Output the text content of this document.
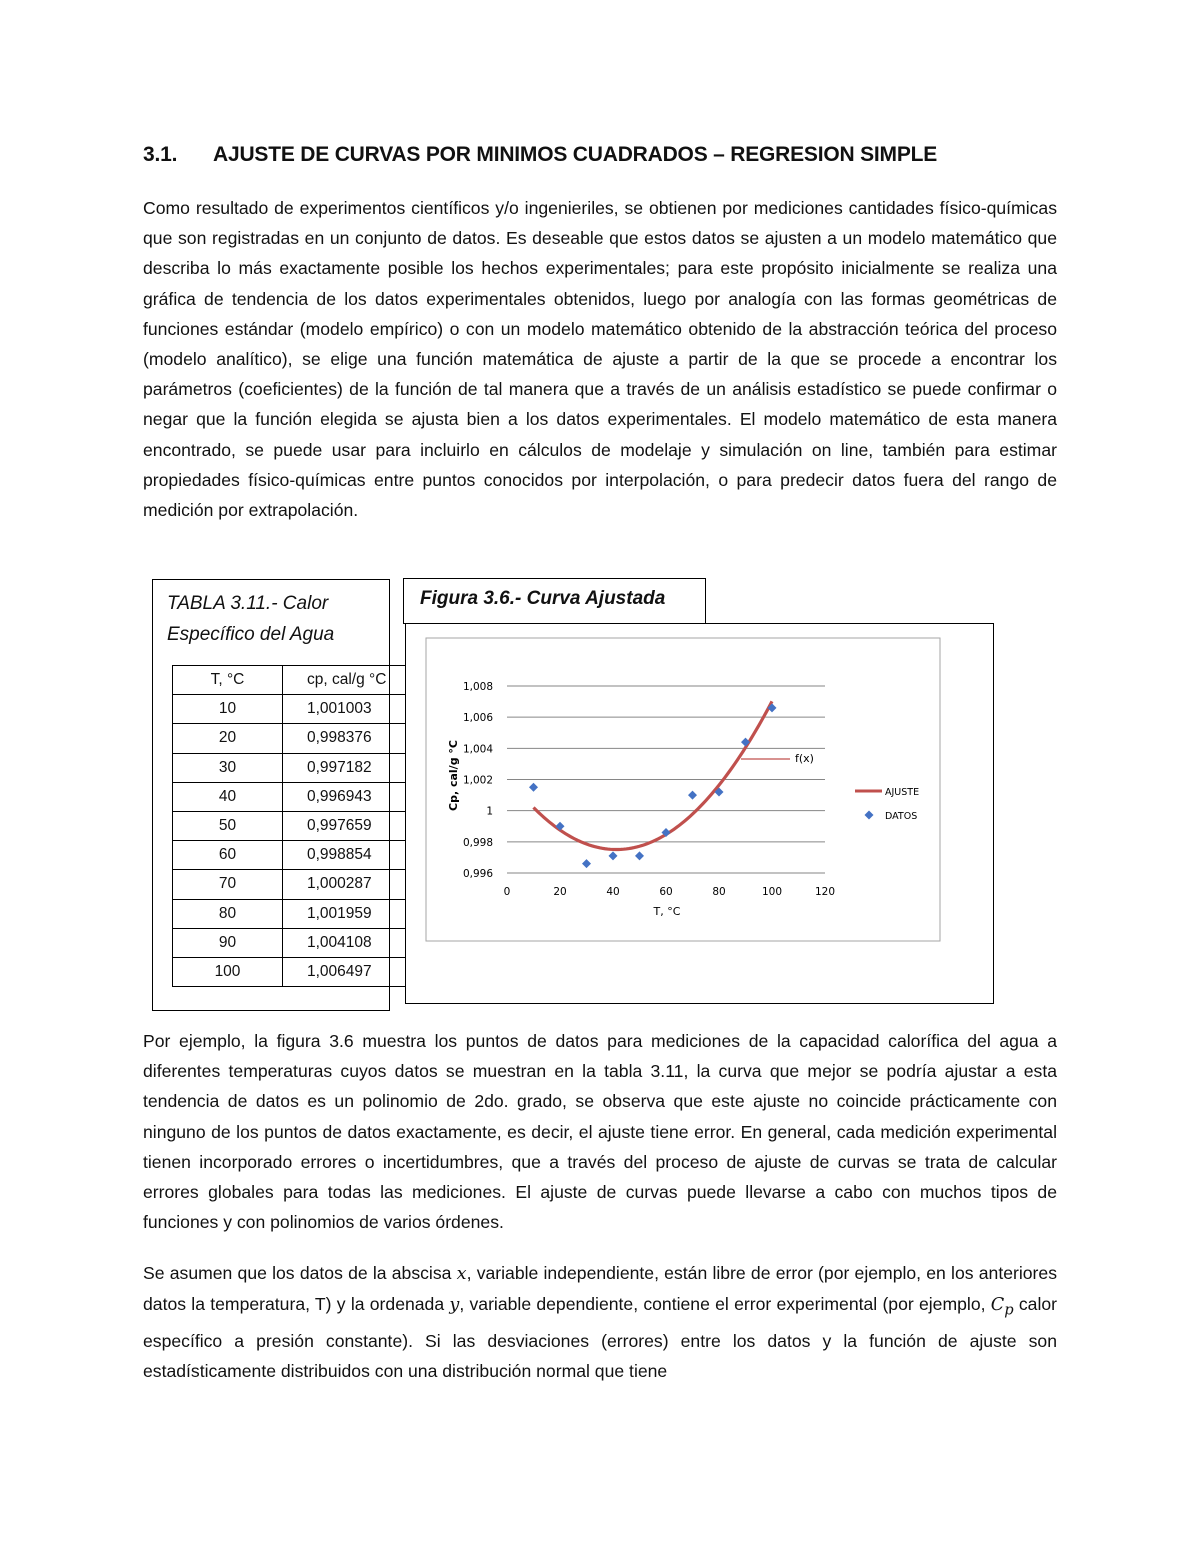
3.1.	AJUSTE DE CURVAS POR MINIMOS CUADRADOS – REGRESION SIMPLE

Como resultado de experimentos científicos y/o ingenieriles, se obtienen por mediciones cantidades físico-químicas que son registradas en un conjunto de datos. Es deseable que estos datos se ajusten a un modelo matemático que describa lo más exactamente posible los hechos experimentales; para este propósito inicialmente se realiza una gráfica de tendencia de los datos experimentales obtenidos, luego por analogía con las formas geométricas de funciones estándar (modelo empírico) o con un modelo matemático obtenido de la abstracción teórica del proceso (modelo analítico), se elige una función matemática de ajuste a partir de la que se procede a encontrar los parámetros (coeficientes) de la función de tal manera que a través de un análisis estadístico se puede confirmar o negar que la función elegida se ajusta bien a los datos experimentales. El modelo matemático de esta manera encontrado, se puede usar para incluirlo en cálculos de modelaje y simulación on line, también para estimar propiedades físico-químicas entre puntos conocidos por interpolación, o para predecir datos fuera del rango de medición por extrapolación.

TABLA 3.11.- Calor
Específico del Agua
T, °C	cp, cal/g °C
10	1,001003
20	0,998376
30	0,997182
40	0,996943
50	0,997659
60	0,998854
70	1,000287
80	1,001959
90	1,004108
100	1,006497
Figura 3.6.- Curva Ajustada
0,996
0,998
1
1,002
1,004
1,006
1,008
0	20	40	60	80	100	120
T, °C
Cp, cal/g °C	f(x)
AJUSTE
DATOS

Por ejemplo, la figura 3.6 muestra los puntos de datos para mediciones de la capacidad calorífica del agua a diferentes temperaturas cuyos datos se muestran en la tabla 3.11, la curva que mejor se podría ajustar a esta tendencia de datos es un polinomio de 2do. grado, se observa que este ajuste no coincide prácticamente con ninguno de los puntos de datos exactamente, es decir, el ajuste tiene error. En general, cada medición experimental tienen incorporado errores o incertidumbres, que a través del proceso de ajuste de curvas se trata de calcular errores globales para todas las mediciones. El ajuste de curvas puede llevarse a cabo con muchos tipos de funciones y con polinomios de varios órdenes.

Se asumen que los datos de la abscisa x, variable independiente, están libre de error (por ejemplo, en los anteriores datos la temperatura, T) y la ordenada y, variable dependiente, contiene el error experimental (por ejemplo, $C_p$ calor específico a presión constante). Si las desviaciones (errores) entre los datos y la función de ajuste son estadísticamente distribuidos con una distribución normal que tiene
